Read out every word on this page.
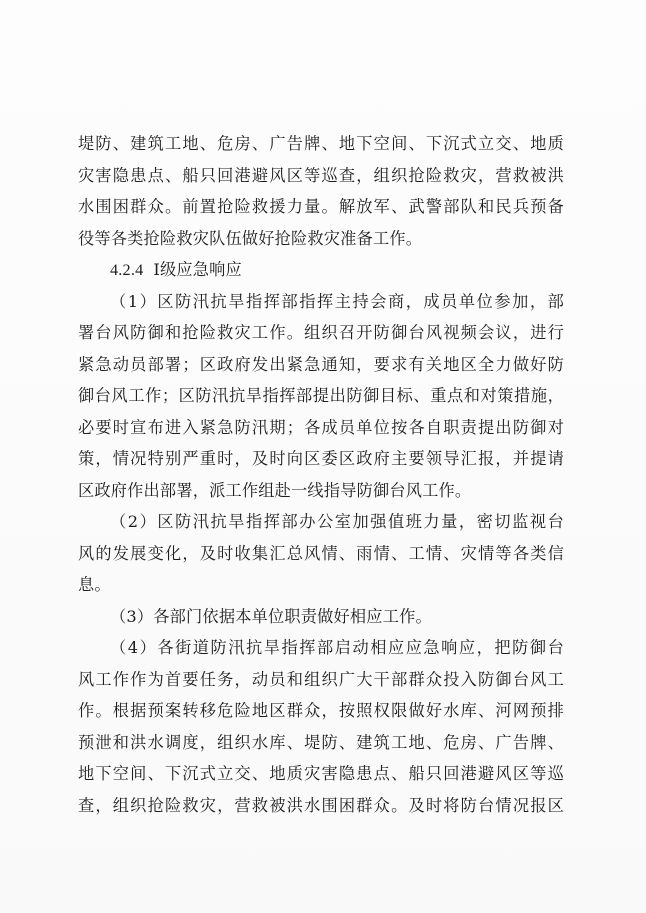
堤防、建筑工地、危房、广告牌、地下空间、下沉式立交、地质
灾害隐患点、船只回港避风区等巡查，组织抢险救灾，营救被洪
水围困群众。前置抢险救援力量。解放军、武警部队和民兵预备
役等各类抢险救灾队伍做好抢险救灾准备工作。
4.2.4 Ⅰ级应急响应
（1）区防汛抗旱指挥部指挥主持会商，成员单位参加，部
署台风防御和抢险救灾工作。组织召开防御台风视频会议，进行
紧急动员部署；区政府发出紧急通知，要求有关地区全力做好防
御台风工作；区防汛抗旱指挥部提出防御目标、重点和对策措施，
必要时宣布进入紧急防汛期；各成员单位按各自职责提出防御对
策，情况特别严重时，及时向区委区政府主要领导汇报，并提请
区政府作出部署，派工作组赴一线指导防御台风工作。
（2）区防汛抗旱指挥部办公室加强值班力量，密切监视台
风的发展变化，及时收集汇总风情、雨情、工情、灾情等各类信
息。
（3）各部门依据本单位职责做好相应工作。
（4）各街道防汛抗旱指挥部启动相应应急响应，把防御台
风工作作为首要任务，动员和组织广大干部群众投入防御台风工
作。根据预案转移危险地区群众，按照权限做好水库、河网预排
预泄和洪水调度，组织水库、堤防、建筑工地、危房、广告牌、
地下空间、下沉式立交、地质灾害隐患点、船只回港避风区等巡
查，组织抢险救灾，营救被洪水围困群众。及时将防台情况报区
